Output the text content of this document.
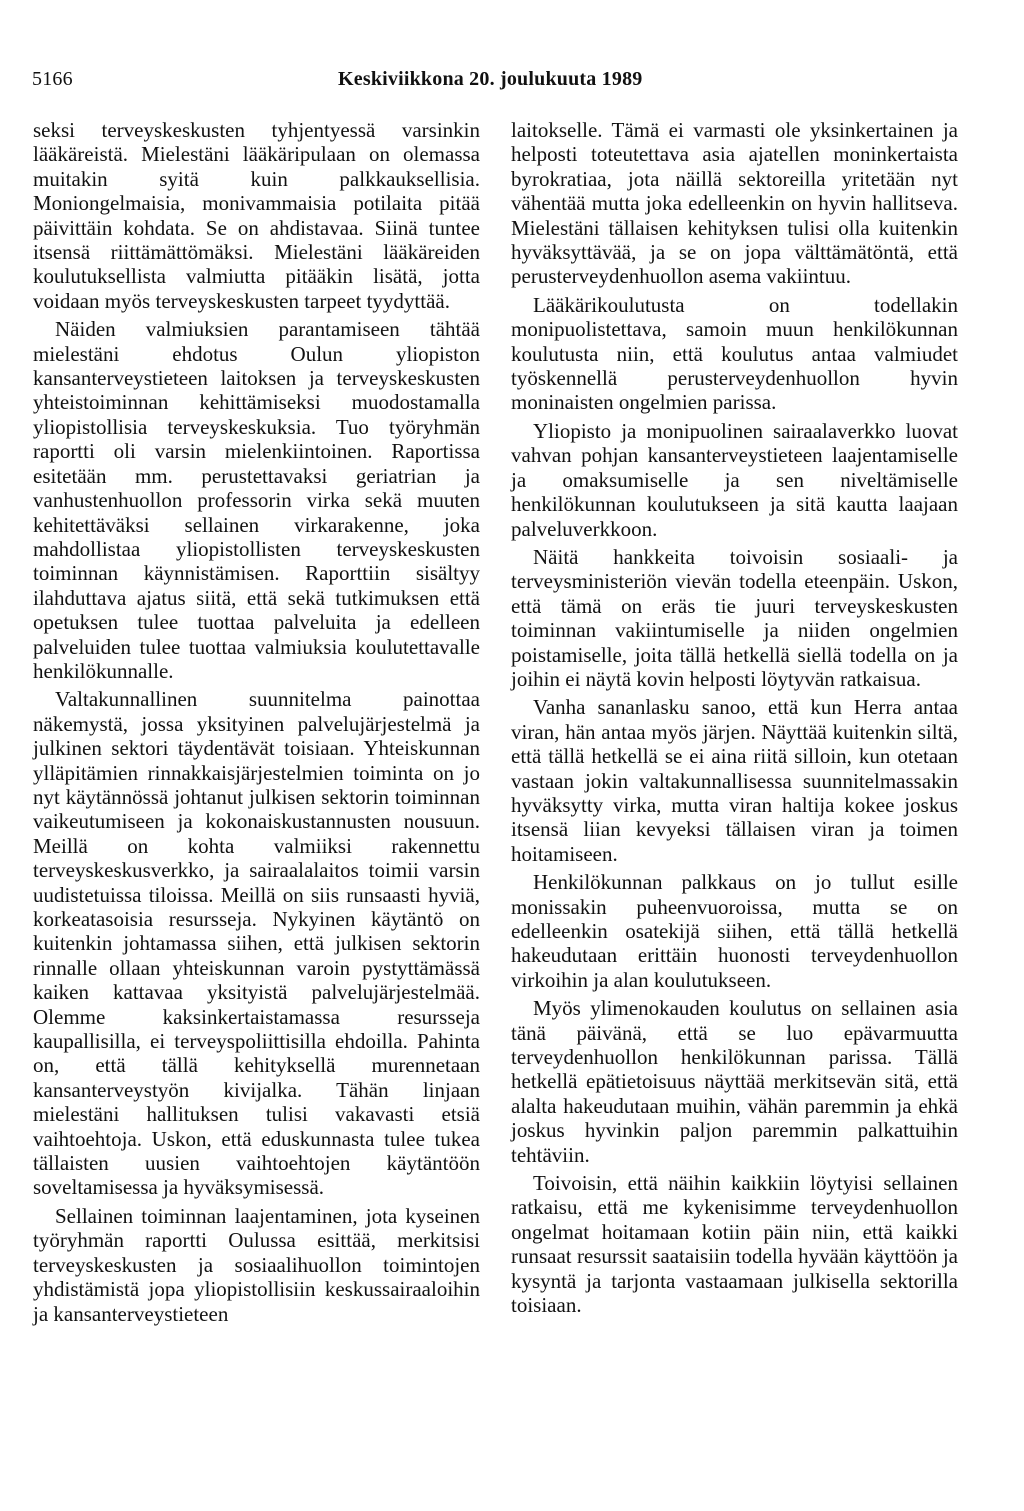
5166	Keskiviikkona 20. joulukuuta 1989

seksi terveyskeskusten tyhjentyessä varsinkin lääkäreistä. Mielestäni lääkäripulaan on olemassa muitakin syitä kuin palkkauksellisia. Moniongelmaisia, monivammaisia potilaita pitää päivittäin kohdata. Se on ahdistavaa. Siinä tuntee itsensä riittämättömäksi. Mielestäni lääkäreiden koulutuksellista valmiutta pitääkin lisätä, jotta voidaan myös terveyskeskusten tarpeet tyydyttää.

Näiden valmiuksien parantamiseen tähtää mielestäni ehdotus Oulun yliopiston kansanterveystieteen laitoksen ja terveyskeskusten yhteistoiminnan kehittämiseksi muodostamalla yliopistollisia terveyskeskuksia. Tuo työryhmän raportti oli varsin mielenkiintoinen. Raportissa esitetään mm. perustettavaksi geriatrian ja vanhustenhuollon professorin virka sekä muuten kehitettäväksi sellainen virkarakenne, joka mahdollistaa yliopistollisten terveyskeskusten toiminnan käynnistämisen. Raporttiin sisältyy ilahduttava ajatus siitä, että sekä tutkimuksen että opetuksen tulee tuottaa palveluita ja edelleen palveluiden tulee tuottaa valmiuksia koulutettavalle henkilökunnalle.

Valtakunnallinen suunnitelma painottaa näkemystä, jossa yksityinen palvelujärjestelmä ja julkinen sektori täydentävät toisiaan. Yhteiskunnan ylläpitämien rinnakkaisjärjestelmien toiminta on jo nyt käytännössä johtanut julkisen sektorin toiminnan vaikeutumiseen ja kokonaiskustannusten nousuun. Meillä on kohta valmiiksi rakennettu terveyskeskusverkko, ja sairaalalaitos toimii varsin uudistetuissa tiloissa. Meillä on siis runsaasti hyviä, korkeatasoisia resursseja. Nykyinen käytäntö on kuitenkin johtamassa siihen, että julkisen sektorin rinnalle ollaan yhteiskunnan varoin pystyttämässä kaiken kattavaa yksityistä palvelujärjestelmää. Olemme kaksinkertaistamassa resursseja kaupallisilla, ei terveyspoliittisilla ehdoilla. Pahinta on, että tällä kehityksellä murennetaan kansanterveystyön kivijalka. Tähän linjaan mielestäni hallituksen tulisi vakavasti etsiä vaihtoehtoja. Uskon, että eduskunnasta tulee tukea tällaisten uusien vaihtoehtojen käytäntöön soveltamisessa ja hyväksymisessä.

Sellainen toiminnan laajentaminen, jota kyseinen työryhmän raportti Oulussa esittää, merkitsisi terveyskeskusten ja sosiaalihuollon toimintojen yhdistämistä jopa yliopistollisiin keskussairaaloihin ja kansanterveystieteen

laitokselle. Tämä ei varmasti ole yksinkertainen ja helposti toteutettava asia ajatellen moninkertaista byrokratiaa, jota näillä sektoreilla yritetään nyt vähentää mutta joka edelleenkin on hyvin hallitseva. Mielestäni tällaisen kehityksen tulisi olla kuitenkin hyväksyttävää, ja se on jopa välttämätöntä, että perusterveydenhuollon asema vakiintuu.

Lääkärikoulutusta on todellakin monipuolistettava, samoin muun henkilökunnan koulutusta niin, että koulutus antaa valmiudet työskennellä perusterveydenhuollon hyvin moninaisten ongelmien parissa.

Yliopisto ja monipuolinen sairaalaverkko luovat vahvan pohjan kansanterveystieteen laajentamiselle ja omaksumiselle ja sen niveltämiselle henkilökunnan koulutukseen ja sitä kautta laajaan palveluverkkoon.

Näitä hankkeita toivoisin sosiaali- ja terveysministeriön vievän todella eteenpäin. Uskon, että tämä on eräs tie juuri terveyskeskusten toiminnan vakiintumiselle ja niiden ongelmien poistamiselle, joita tällä hetkellä siellä todella on ja joihin ei näytä kovin helposti löytyvän ratkaisua.

Vanha sananlasku sanoo, että kun Herra antaa viran, hän antaa myös järjen. Näyttää kuitenkin siltä, että tällä hetkellä se ei aina riitä silloin, kun otetaan vastaan jokin valtakunnallisessa suunnitelmassakin hyväksytty virka, mutta viran haltija kokee joskus itsensä liian kevyeksi tällaisen viran ja toimen hoitamiseen.

Henkilökunnan palkkaus on jo tullut esille monissakin puheenvuoroissa, mutta se on edelleenkin osatekijä siihen, että tällä hetkellä hakeudutaan erittäin huonosti terveydenhuollon virkoihin ja alan koulutukseen.

Myös ylimenokauden koulutus on sellainen asia tänä päivänä, että se luo epävarmuutta terveydenhuollon henkilökunnan parissa. Tällä hetkellä epätietoisuus näyttää merkitsevän sitä, että alalta hakeudutaan muihin, vähän paremmin ja ehkä joskus hyvinkin paljon paremmin palkattuihin tehtäviin.

Toivoisin, että näihin kaikkiin löytyisi sellainen ratkaisu, että me kykenisimme terveydenhuollon ongelmat hoitamaan kotiin päin niin, että kaikki runsaat resurssit saataisiin todella hyvään käyttöön ja kysyntä ja tarjonta vastaamaan julkisella sektorilla toisiaan.
